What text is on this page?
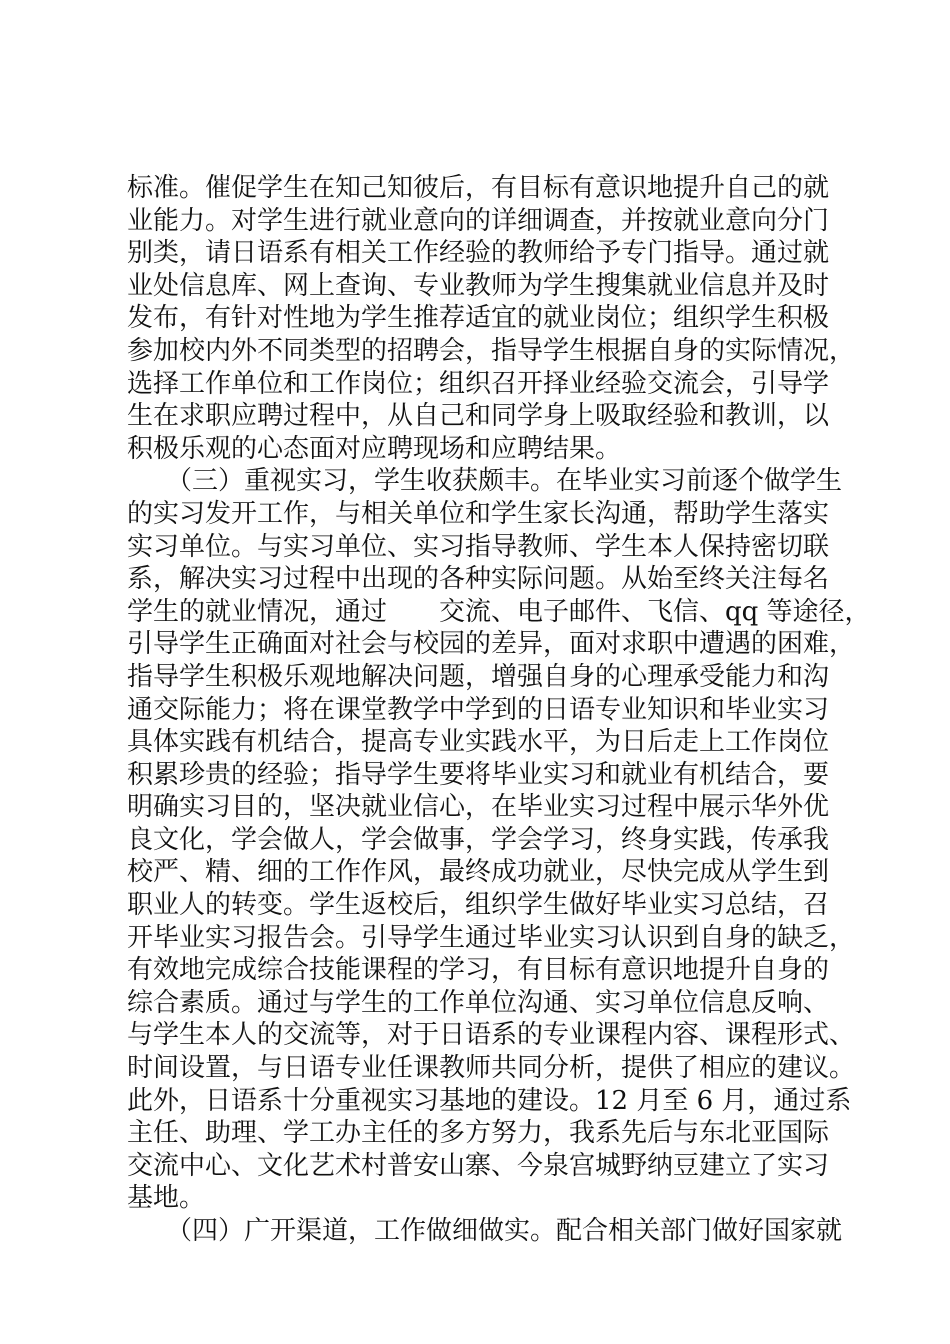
标准。催促学生在知己知彼后，有目标有意识地提升自己的就
业能力。对学生进行就业意向的详细调查，并按就业意向分门
别类，请日语系有相关工作经验的教师给予专门指导。通过就
业处信息库、网上查询、专业教师为学生搜集就业信息并及时
发布，有针对性地为学生推荐适宜的就业岗位；组织学生积极
参加校内外不同类型的招聘会，指导学生根据自身的实际情况，
选择工作单位和工作岗位；组织召开择业经验交流会，引导学
生在求职应聘过程中，从自己和同学身上吸取经验和教训，以
积极乐观的心态面对应聘现场和应聘结果。
　　（三）重视实习，学生收获颇丰。在毕业实习前逐个做学生
的实习发开工作，与相关单位和学生家长沟通，帮助学生落实
实习单位。与实习单位、实习指导教师、学生本人保持密切联
系，解决实习过程中出现的各种实际问题。从始至终关注每名
学生的就业情况，通过　　交流、电子邮件、飞信、qq 等途径，
引导学生正确面对社会与校园的差异，面对求职中遭遇的困难，
指导学生积极乐观地解决问题，增强自身的心理承受能力和沟
通交际能力；将在课堂教学中学到的日语专业知识和毕业实习
具体实践有机结合，提高专业实践水平，为日后走上工作岗位
积累珍贵的经验；指导学生要将毕业实习和就业有机结合，要
明确实习目的，坚决就业信心，在毕业实习过程中展示华外优
良文化，学会做人，学会做事，学会学习，终身实践，传承我
校严、精、细的工作作风，最终成功就业，尽快完成从学生到
职业人的转变。学生返校后，组织学生做好毕业实习总结，召
开毕业实习报告会。引导学生通过毕业实习认识到自身的缺乏，
有效地完成综合技能课程的学习，有目标有意识地提升自身的
综合素质。通过与学生的工作单位沟通、实习单位信息反响、
与学生本人的交流等，对于日语系的专业课程内容、课程形式、
时间设置，与日语专业任课教师共同分析，提供了相应的建议。
此外，日语系十分重视实习基地的建设。12 月至 6 月，通过系
主任、助理、学工办主任的多方努力，我系先后与东北亚国际
交流中心、文化艺术村普安山寨、今泉宫城野纳豆建立了实习
基地。
　　（四）广开渠道，工作做细做实。配合相关部门做好国家就
